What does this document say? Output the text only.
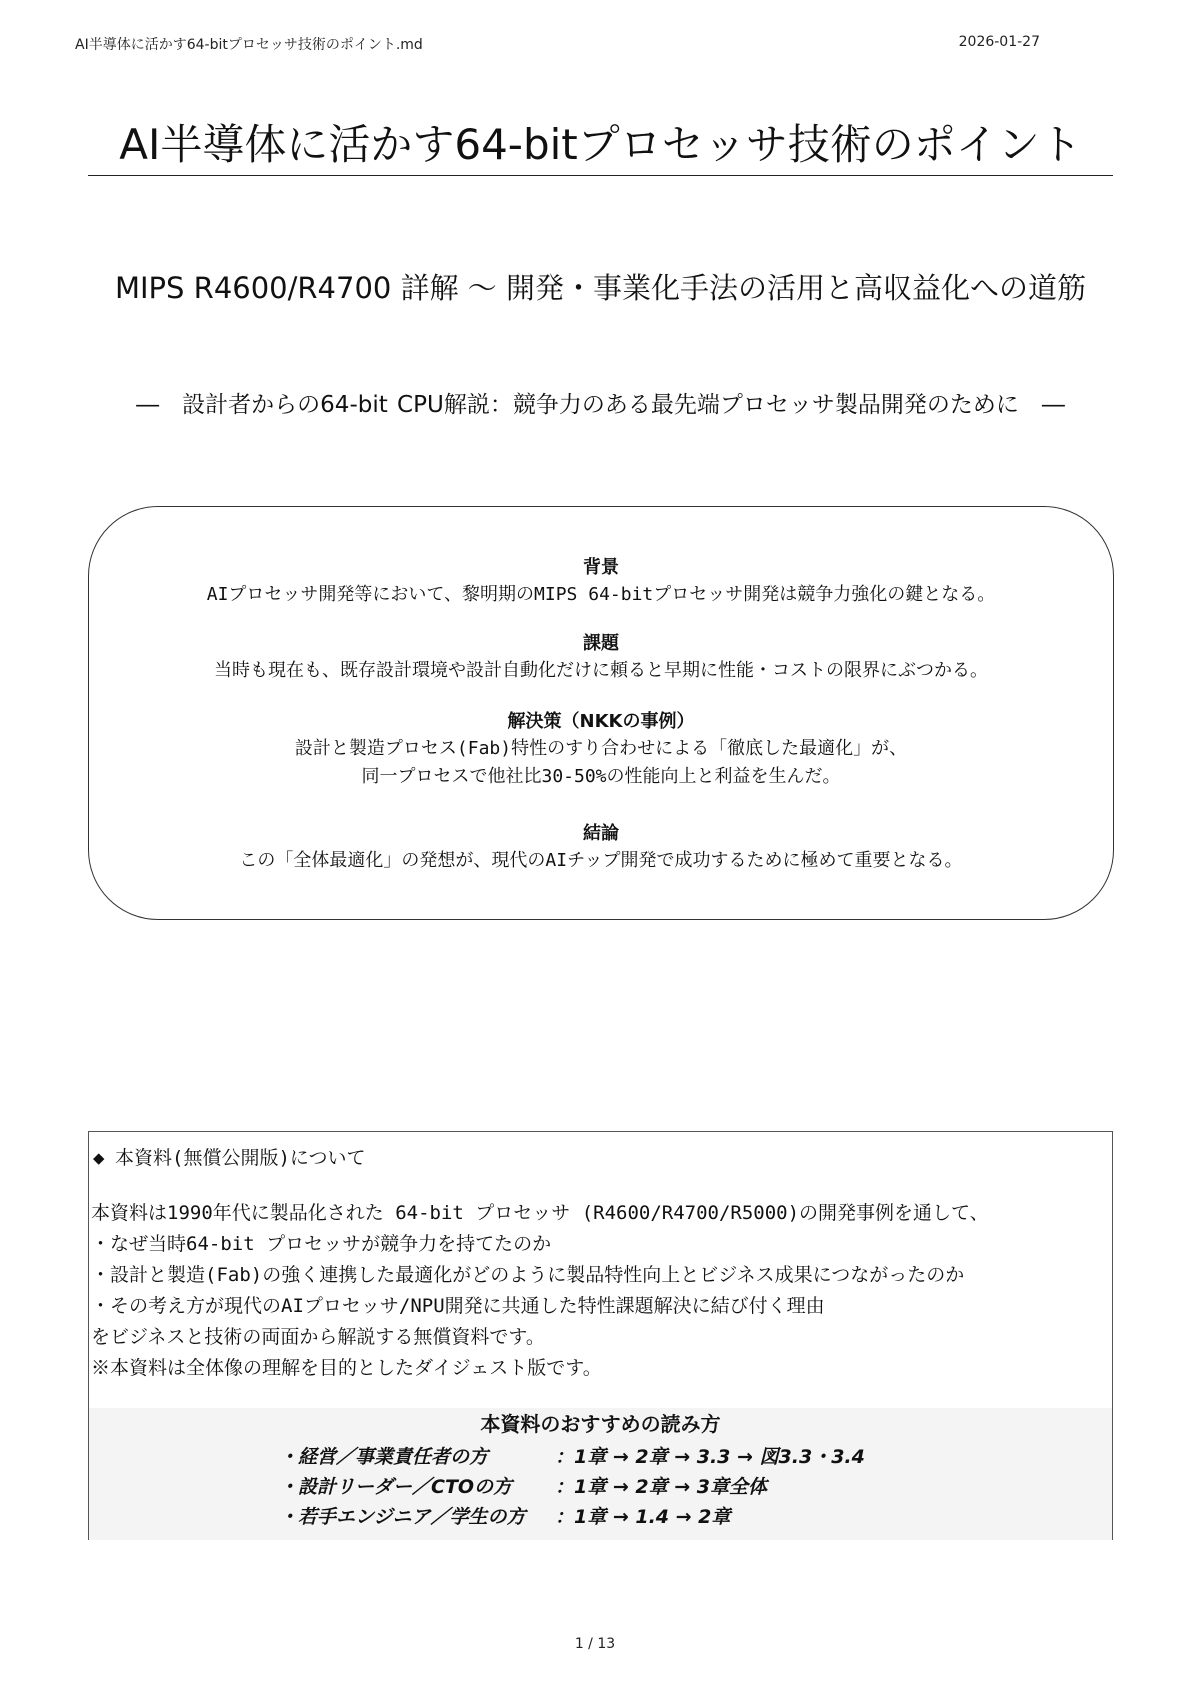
AI半導体に活かす64-bitプロセッサ技術のポイント.md	2026-01-27
AI半導体に活かす64-bitプロセッサ技術のポイント
MIPS R4600/R4700 詳解 〜 開発・事業化手法の活用と高収益化への道筋
―　設計者からの64-bit CPU解説：競争力のある最先端プロセッサ製品開発のために　―
背景
AIプロセッサ開発等において、黎明期のMIPS 64-bitプロセッサ開発は競争力強化の鍵となる。
課題
当時も現在も、既存設計環境や設計自動化だけに頼ると早期に性能・コストの限界にぶつかる。
解決策（NKKの事例）
設計と製造プロセス(Fab)特性のすり合わせによる「徹底した最適化」が、
同一プロセスで他社比30-50%の性能向上と利益を生んだ。
結論
この「全体最適化」の発想が、現代のAIチップ開発で成功するために極めて重要となる。
◆ 本資料(無償公開版)について
本資料は1990年代に製品化された 64-bit プロセッサ (R4600/R4700/R5000)の開発事例を通して、
・なぜ当時64-bit プロセッサが競争力を持てたのか
・設計と製造(Fab)の強く連携した最適化がどのように製品特性向上とビジネス成果につながったのか
・その考え方が現代のAIプロセッサ/NPU開発に共通した特性課題解決に結び付く理由
をビジネスと技術の両面から解説する無償資料です。
※本資料は全体像の理解を目的としたダイジェスト版です。
本資料のおすすめの読み方
・経営／事業責任者の方	：1章 → 2章 → 3.3 → 図3.3・3.4
・設計リーダー／CTOの方 ：1章 → 2章 → 3章全体
・若手エンジニア／学生の方 ：1章 → 1.4 → 2章
1 / 13
